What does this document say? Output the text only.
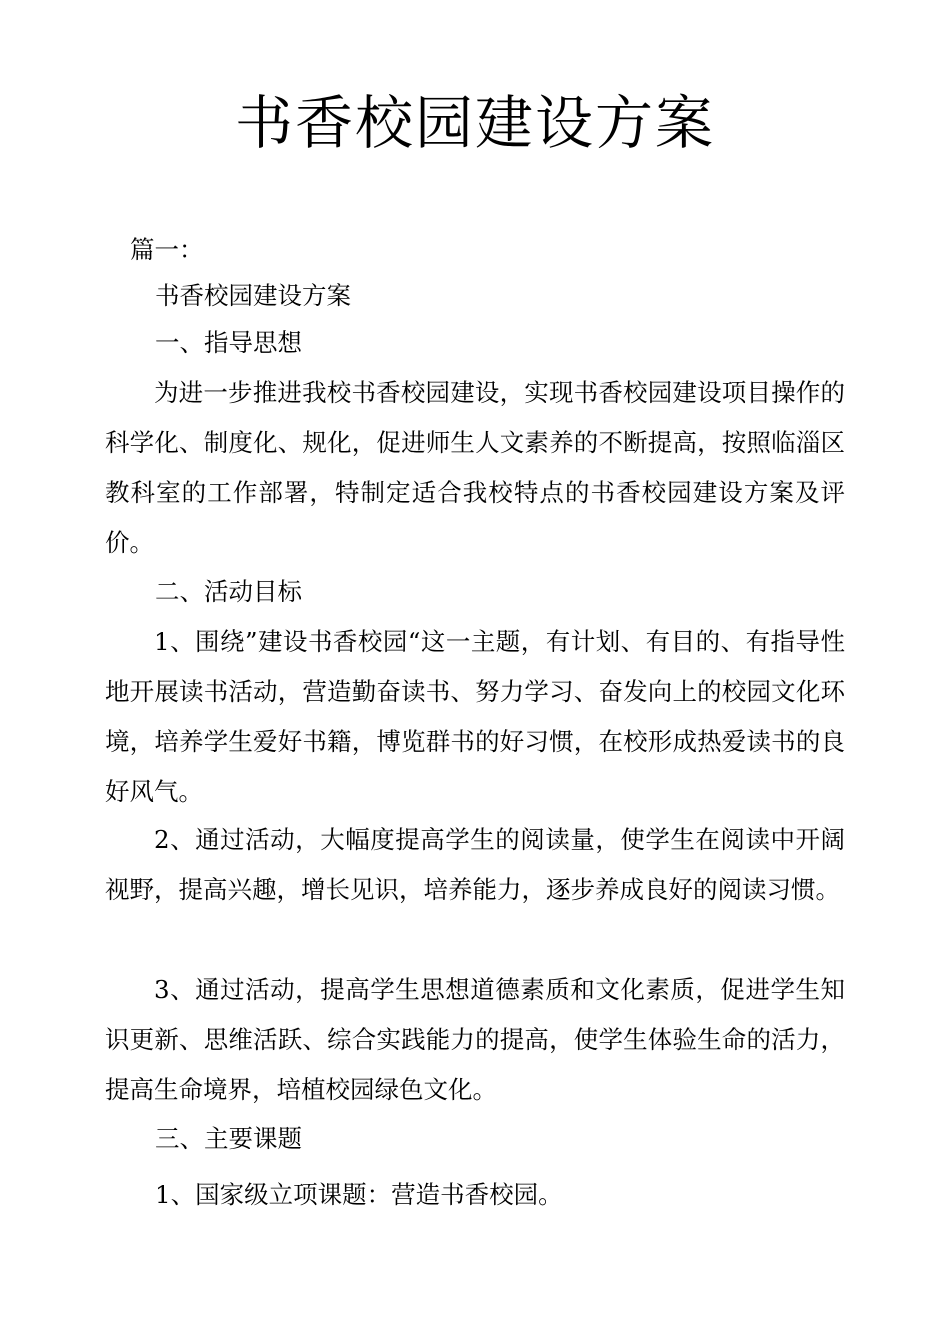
书香校园建设方案

篇一：

书香校园建设方案

一、指导思想

为进一步推进我校书香校园建设，实现书香校园建设项目操作的科学化、制度化、规化，促进师生人文素养的不断提高，按照临淄区教科室的工作部署，特制定适合我校特点的书香校园建设方案及评价。

二、活动目标

1、围绕”建设书香校园“这一主题，有计划、有目的、有指导性地开展读书活动，营造勤奋读书、努力学习、奋发向上的校园文化环境，培养学生爱好书籍，博览群书的好习惯，在校形成热爱读书的良好风气。

2、通过活动，大幅度提高学生的阅读量，使学生在阅读中开阔视野，提高兴趣，增长见识，培养能力，逐步养成良好的阅读习惯。

3、通过活动，提高学生思想道德素质和文化素质，促进学生知识更新、思维活跃、综合实践能力的提高，使学生体验生命的活力，提高生命境界，培植校园绿色文化。

三、主要课题

1、国家级立项课题：营造书香校园。
